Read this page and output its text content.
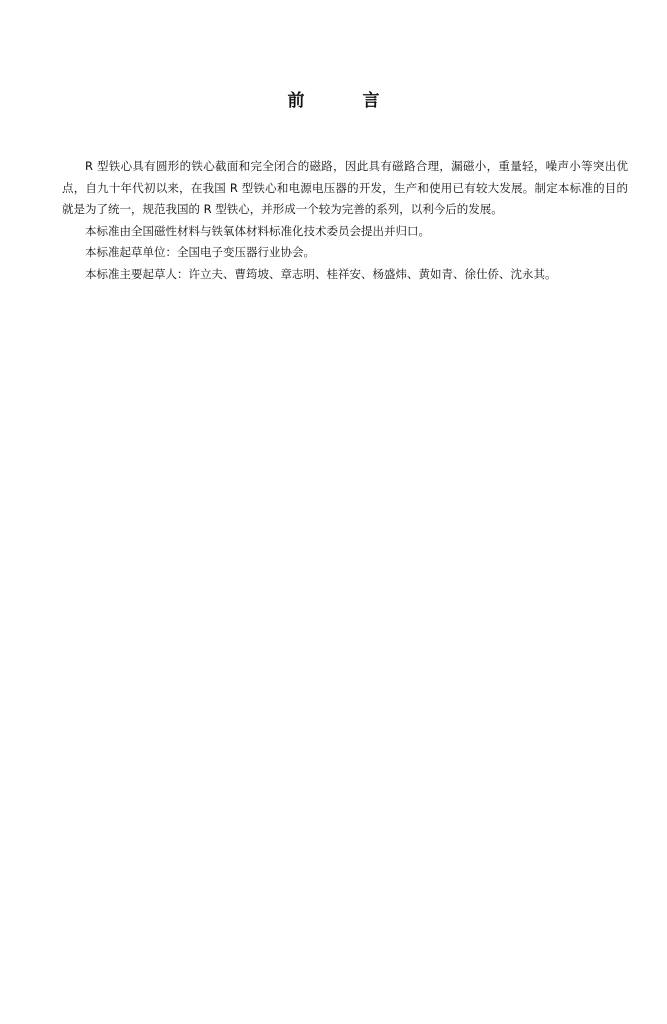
前	言

R 型铁心具有圆形的铁心截面和完全闭合的磁路，因此具有磁路合理，漏磁小，重量轻，噪声小等突出优点，自九十年代初以来，在我国 R 型铁心和电源电压器的开发，生产和使用已有较大发展。制定本标准的目的就是为了统一，规范我国的 R 型铁心，并形成一个较为完善的系列，以利今后的发展。

本标准由全国磁性材料与铁氧体材料标准化技术委员会提出并归口。

本标准起草单位：全国电子变压器行业协会。

本标准主要起草人：许立夫、曹筠坡、章志明、桂祥安、杨盛炜、黄如青、徐仕侨、沈永其。
